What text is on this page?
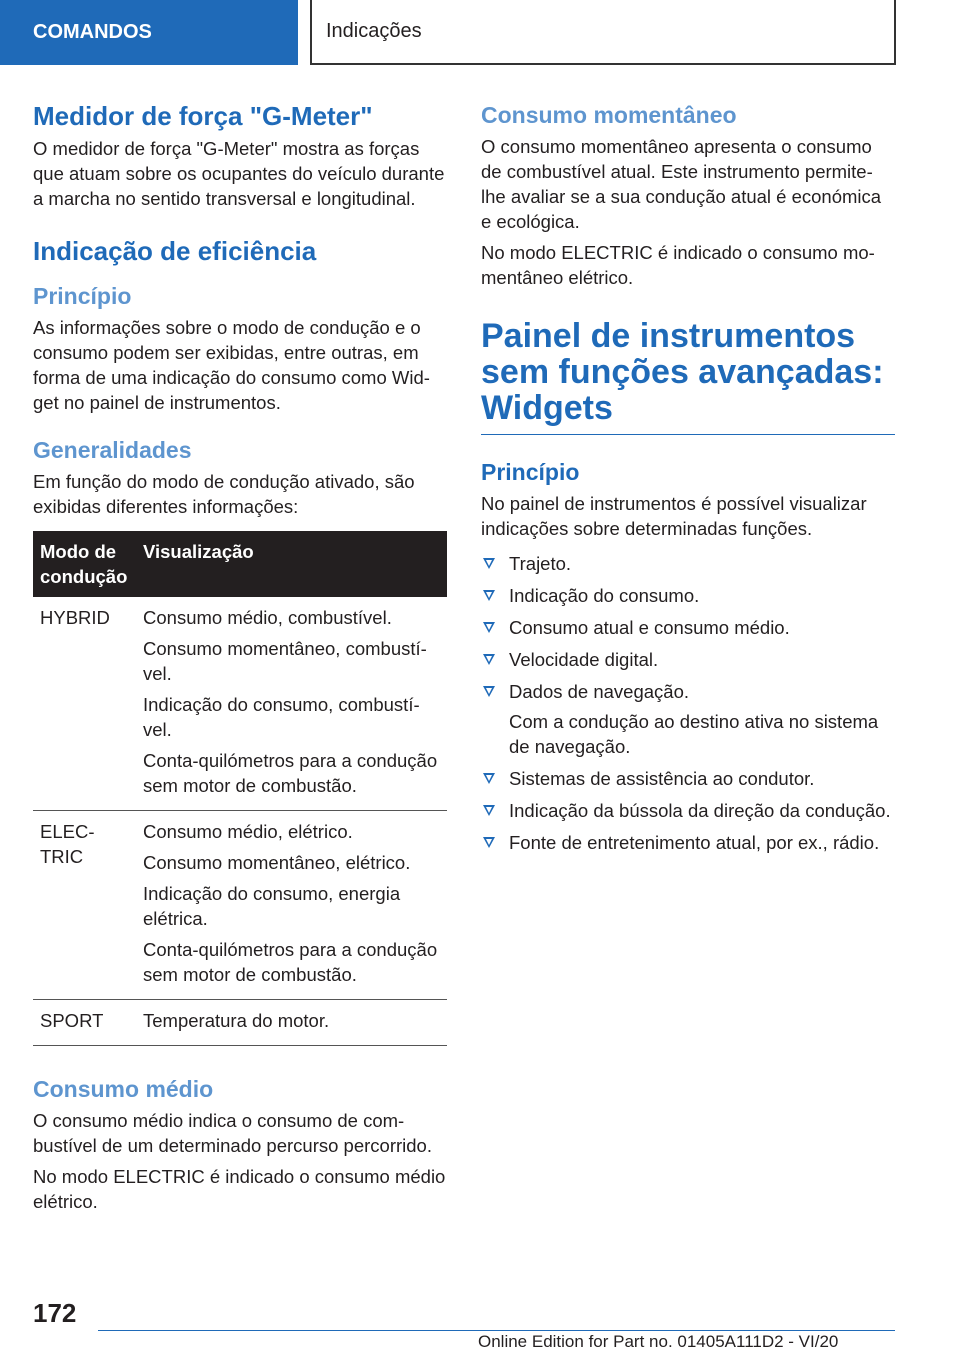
COMANDOS	Indicações
Medidor de força "G-Meter"

O medidor de força "G-Meter" mostra as forças que atuam sobre os ocupantes do veículo durante a marcha no sentido transversal e longitudinal.

Indicação de eficiência
Princípio

As informações sobre o modo de condução e o consumo podem ser exibidas, entre outras, em forma de uma indicação do consumo como Widget no painel de instrumentos.

Generalidades

Em função do modo de condução ativado, são exibidas diferentes informações:

Modo de condução	Visualização
HYBRID	Consumo médio, combustível.
Consumo momentâneo, combustível.
Indicação do consumo, combustível.
Conta-quilómetros para a condução sem motor de combustão.

ELECTRIC	Consumo médio, elétrico.
Consumo momentâneo, elétrico.
Indicação do consumo, energia elétrica.
Conta-quilómetros para a condução sem motor de combustão.

SPORT	Temperatura do motor.
Consumo médio

O consumo médio indica o consumo de combustível de um determinado percurso percorrido.

No modo ELECTRIC é indicado o consumo médio elétrico.

Consumo momentâneo

O consumo momentâneo apresenta o consumo de combustível atual. Este instrumento permite-lhe avaliar se a sua condução atual é económica e ecológica.

No modo ELECTRIC é indicado o consumo momentâneo elétrico.

Painel de instrumentos sem funções avançadas: Widgets
Princípio

No painel de instrumentos é possível visualizar indicações sobre determinadas funções.

Trajeto.
Indicação do consumo.
Consumo atual e consumo médio.
Velocidade digital.
Dados de navegação.
Com a condução ao destino ativa no sistema de navegação.
Sistemas de assistência ao condutor.
Indicação da bússola da direção da condução.
Fonte de entretenimento atual, por ex., rádio.
172
Online Edition for Part no. 01405A111D2 - VI/20
